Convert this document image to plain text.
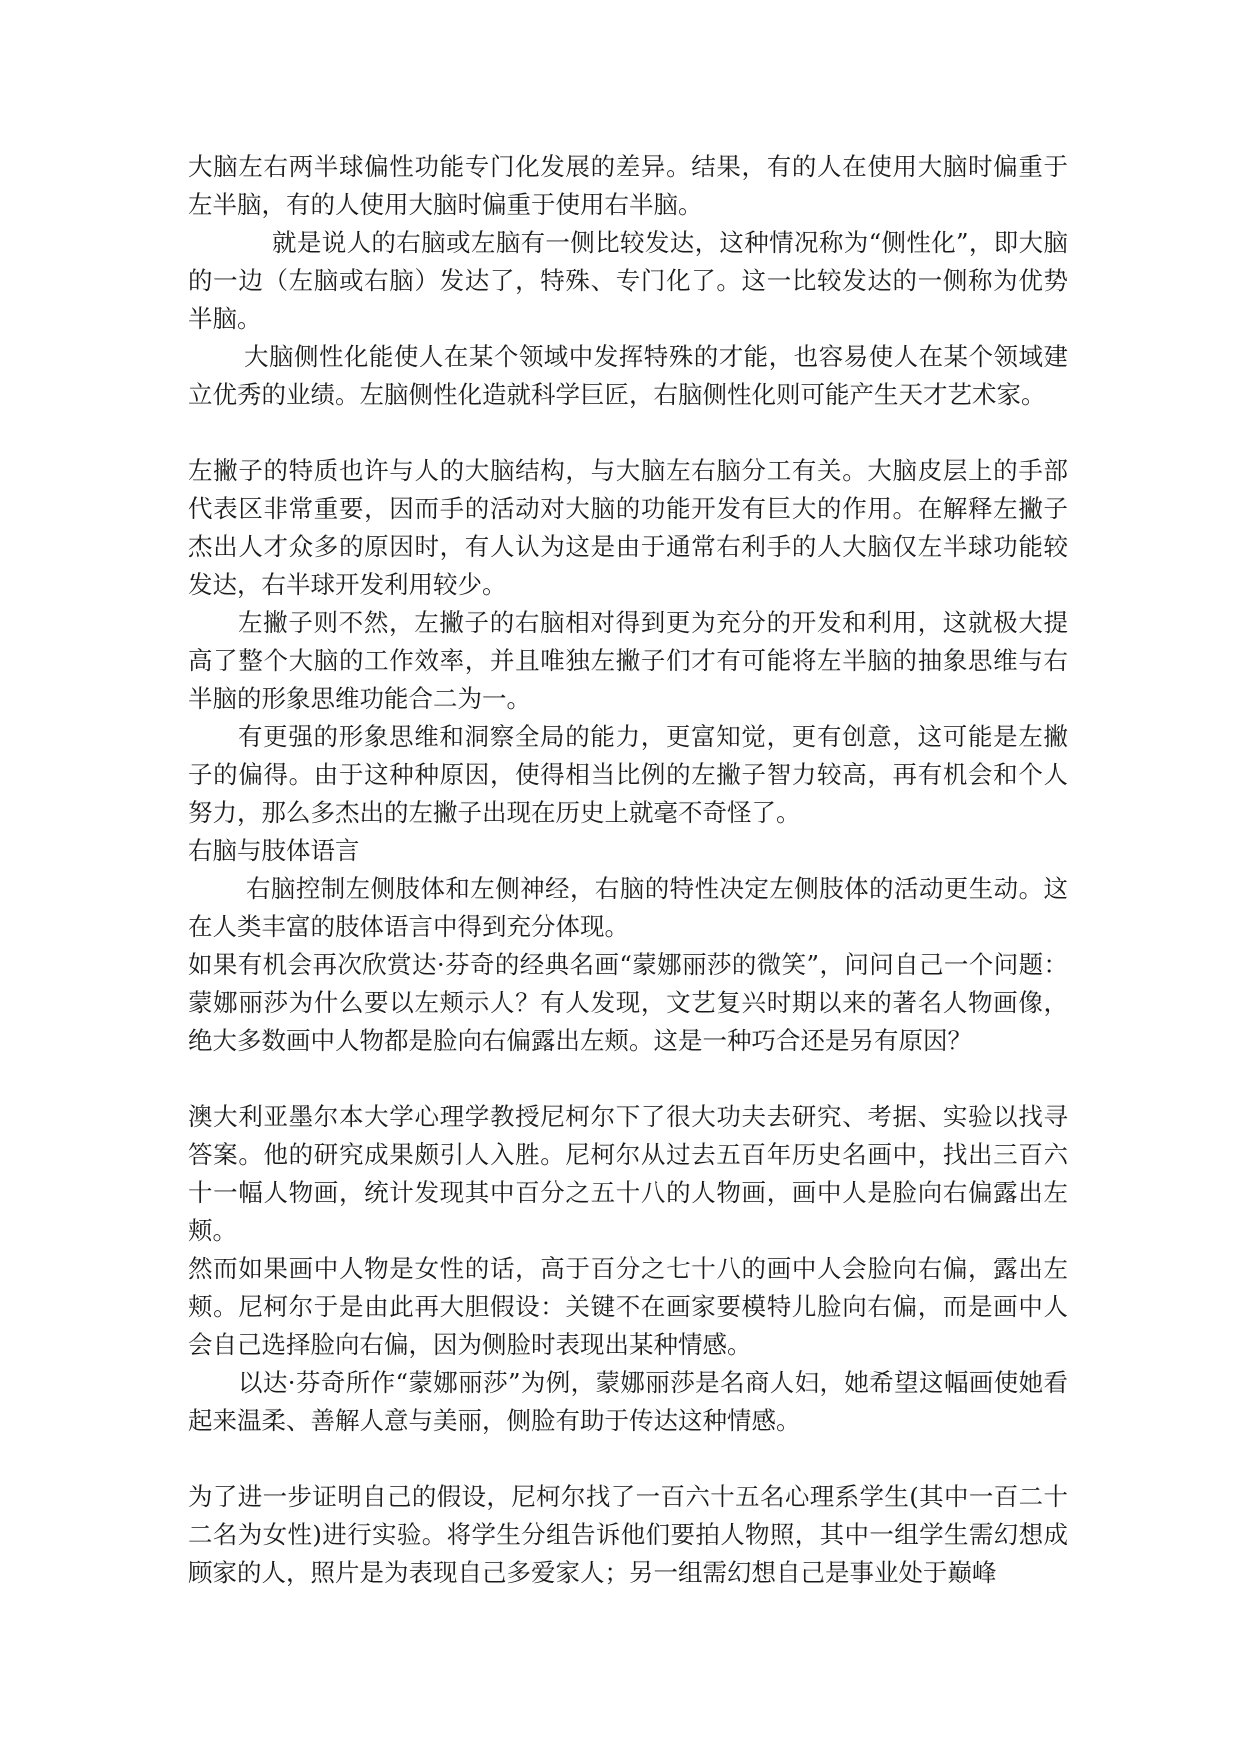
大脑左右两半球偏性功能专门化发展的差异。结果，有的人在使用大脑时偏重于左半脑，有的人使用大脑时偏重于使用右半脑。

就是说人的右脑或左脑有一侧比较发达，这种情况称为“侧性化”，即大脑的一边（左脑或右脑）发达了，特殊、专门化了。这一比较发达的一侧称为优势半脑。

大脑侧性化能使人在某个领域中发挥特殊的才能，也容易使人在某个领域建立优秀的业绩。左脑侧性化造就科学巨匠，右脑侧性化则可能产生天才艺术家。

左撇子的特质也许与人的大脑结构，与大脑左右脑分工有关。大脑皮层上的手部代表区非常重要，因而手的活动对大脑的功能开发有巨大的作用。在解释左撇子杰出人才众多的原因时，有人认为这是由于通常右利手的人大脑仅左半球功能较发达，右半球开发利用较少。

左撇子则不然，左撇子的右脑相对得到更为充分的开发和利用，这就极大提高了整个大脑的工作效率，并且唯独左撇子们才有可能将左半脑的抽象思维与右半脑的形象思维功能合二为一。

有更强的形象思维和洞察全局的能力，更富知觉，更有创意，这可能是左撇子的偏得。由于这种种原因，使得相当比例的左撇子智力较高，再有机会和个人努力，那么多杰出的左撇子出现在历史上就毫不奇怪了。

右脑与肢体语言

右脑控制左侧肢体和左侧神经，右脑的特性决定左侧肢体的活动更生动。这在人类丰富的肢体语言中得到充分体现。

如果有机会再次欣赏达·芬奇的经典名画“蒙娜丽莎的微笑”，问问自己一个问题：蒙娜丽莎为什么要以左颊示人？有人发现，文艺复兴时期以来的著名人物画像，绝大多数画中人物都是脸向右偏露出左颊。这是一种巧合还是另有原因？

澳大利亚墨尔本大学心理学教授尼柯尔下了很大功夫去研究、考据、实验以找寻答案。他的研究成果颇引人入胜。尼柯尔从过去五百年历史名画中，找出三百六十一幅人物画，统计发现其中百分之五十八的人物画，画中人是脸向右偏露出左颊。

然而如果画中人物是女性的话，高于百分之七十八的画中人会脸向右偏，露出左颊。尼柯尔于是由此再大胆假设：关键不在画家要模特儿脸向右偏，而是画中人会自己选择脸向右偏，因为侧脸时表现出某种情感。

以达·芬奇所作“蒙娜丽莎”为例，蒙娜丽莎是名商人妇，她希望这幅画使她看起来温柔、善解人意与美丽，侧脸有助于传达这种情感。

为了进一步证明自己的假设，尼柯尔找了一百六十五名心理系学生(其中一百二十二名为女性)进行实验。将学生分组告诉他们要拍人物照，其中一组学生需幻想成顾家的人，照片是为表现自己多爱家人；另一组需幻想自己是事业处于巅峰
